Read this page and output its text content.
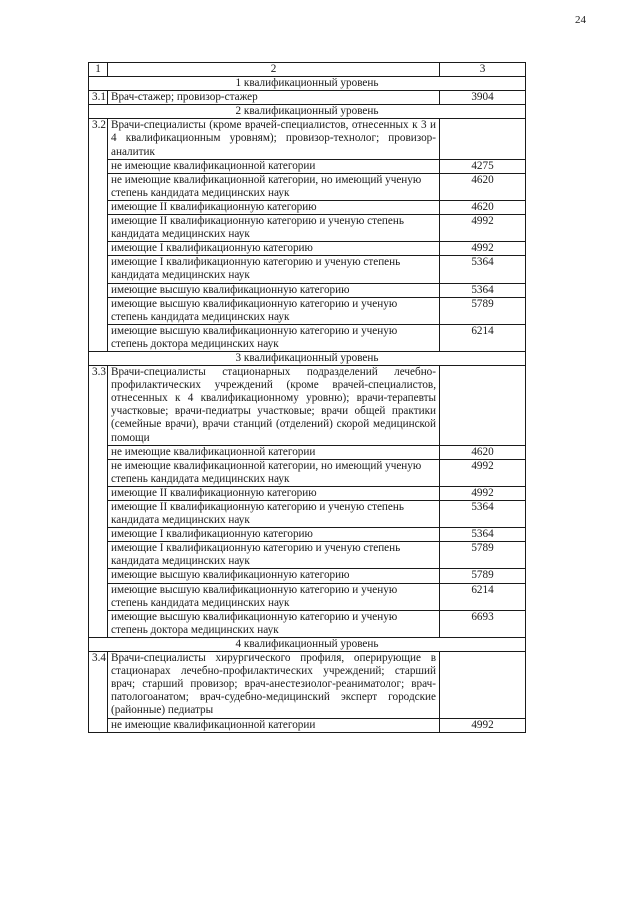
24
1	2	3
1 квалификационный уровень		
3.1	Врач-стажер; провизор-стажер	3904
2 квалификационный уровень		
3.2	Врачи-специалисты (кроме врачей-специалистов, отнесенных к 3 и 4 квалификационным уровням); провизор-технолог; провизор-аналитик	
	не имеющие квалификационной категории	4275
	не имеющие квалификационной категории, но имеющий ученую степень кандидата медицинских наук	4620
	имеющие II квалификационную категорию	4620
	имеющие II квалификационную категорию и ученую степень кандидата медицинских наук	4992
	имеющие I квалификационную категорию	4992
	имеющие I квалификационную категорию и ученую степень кандидата медицинских наук	5364
	имеющие высшую квалификационную категорию	5364
	имеющие высшую квалификационную категорию и ученую степень кандидата медицинских наук	5789
	имеющие высшую квалификационную категорию и ученую степень доктора медицинских наук	6214
3 квалификационный уровень		
3.3	Врачи-специалисты стационарных подразделений лечебно-профилактических учреждений (кроме врачей-специалистов, отнесенных к 4 квалификационному уровню); врачи-терапевты участковые; врачи-педиатры участковые; врачи общей практики (семейные врачи), врачи станций (отделений) скорой медицинской помощи	
	не имеющие квалификационной категории	4620
	не имеющие квалификационной категории, но имеющий ученую степень кандидата медицинских наук	4992
	имеющие II квалификационную категорию	4992
	имеющие II квалификационную категорию и ученую степень кандидата медицинских наук	5364
	имеющие I квалификационную категорию	5364
	имеющие I квалификационную категорию и ученую степень кандидата медицинских наук	5789
	имеющие высшую квалификационную категорию	5789
	имеющие высшую квалификационную категорию и ученую степень кандидата медицинских наук	6214
	имеющие высшую квалификационную категорию и ученую степень доктора медицинских наук	6693
4 квалификационный уровень		
3.4	Врачи-специалисты хирургического профиля, оперирующие в стационарах лечебно-профилактических учреждений; старший врач; старший провизор; врач-анестезиолог-реаниматолог; врач-патологоанатом; врач-судебно-медицинский эксперт городские (районные) педиатры	
	не имеющие квалификационной категории	4992
